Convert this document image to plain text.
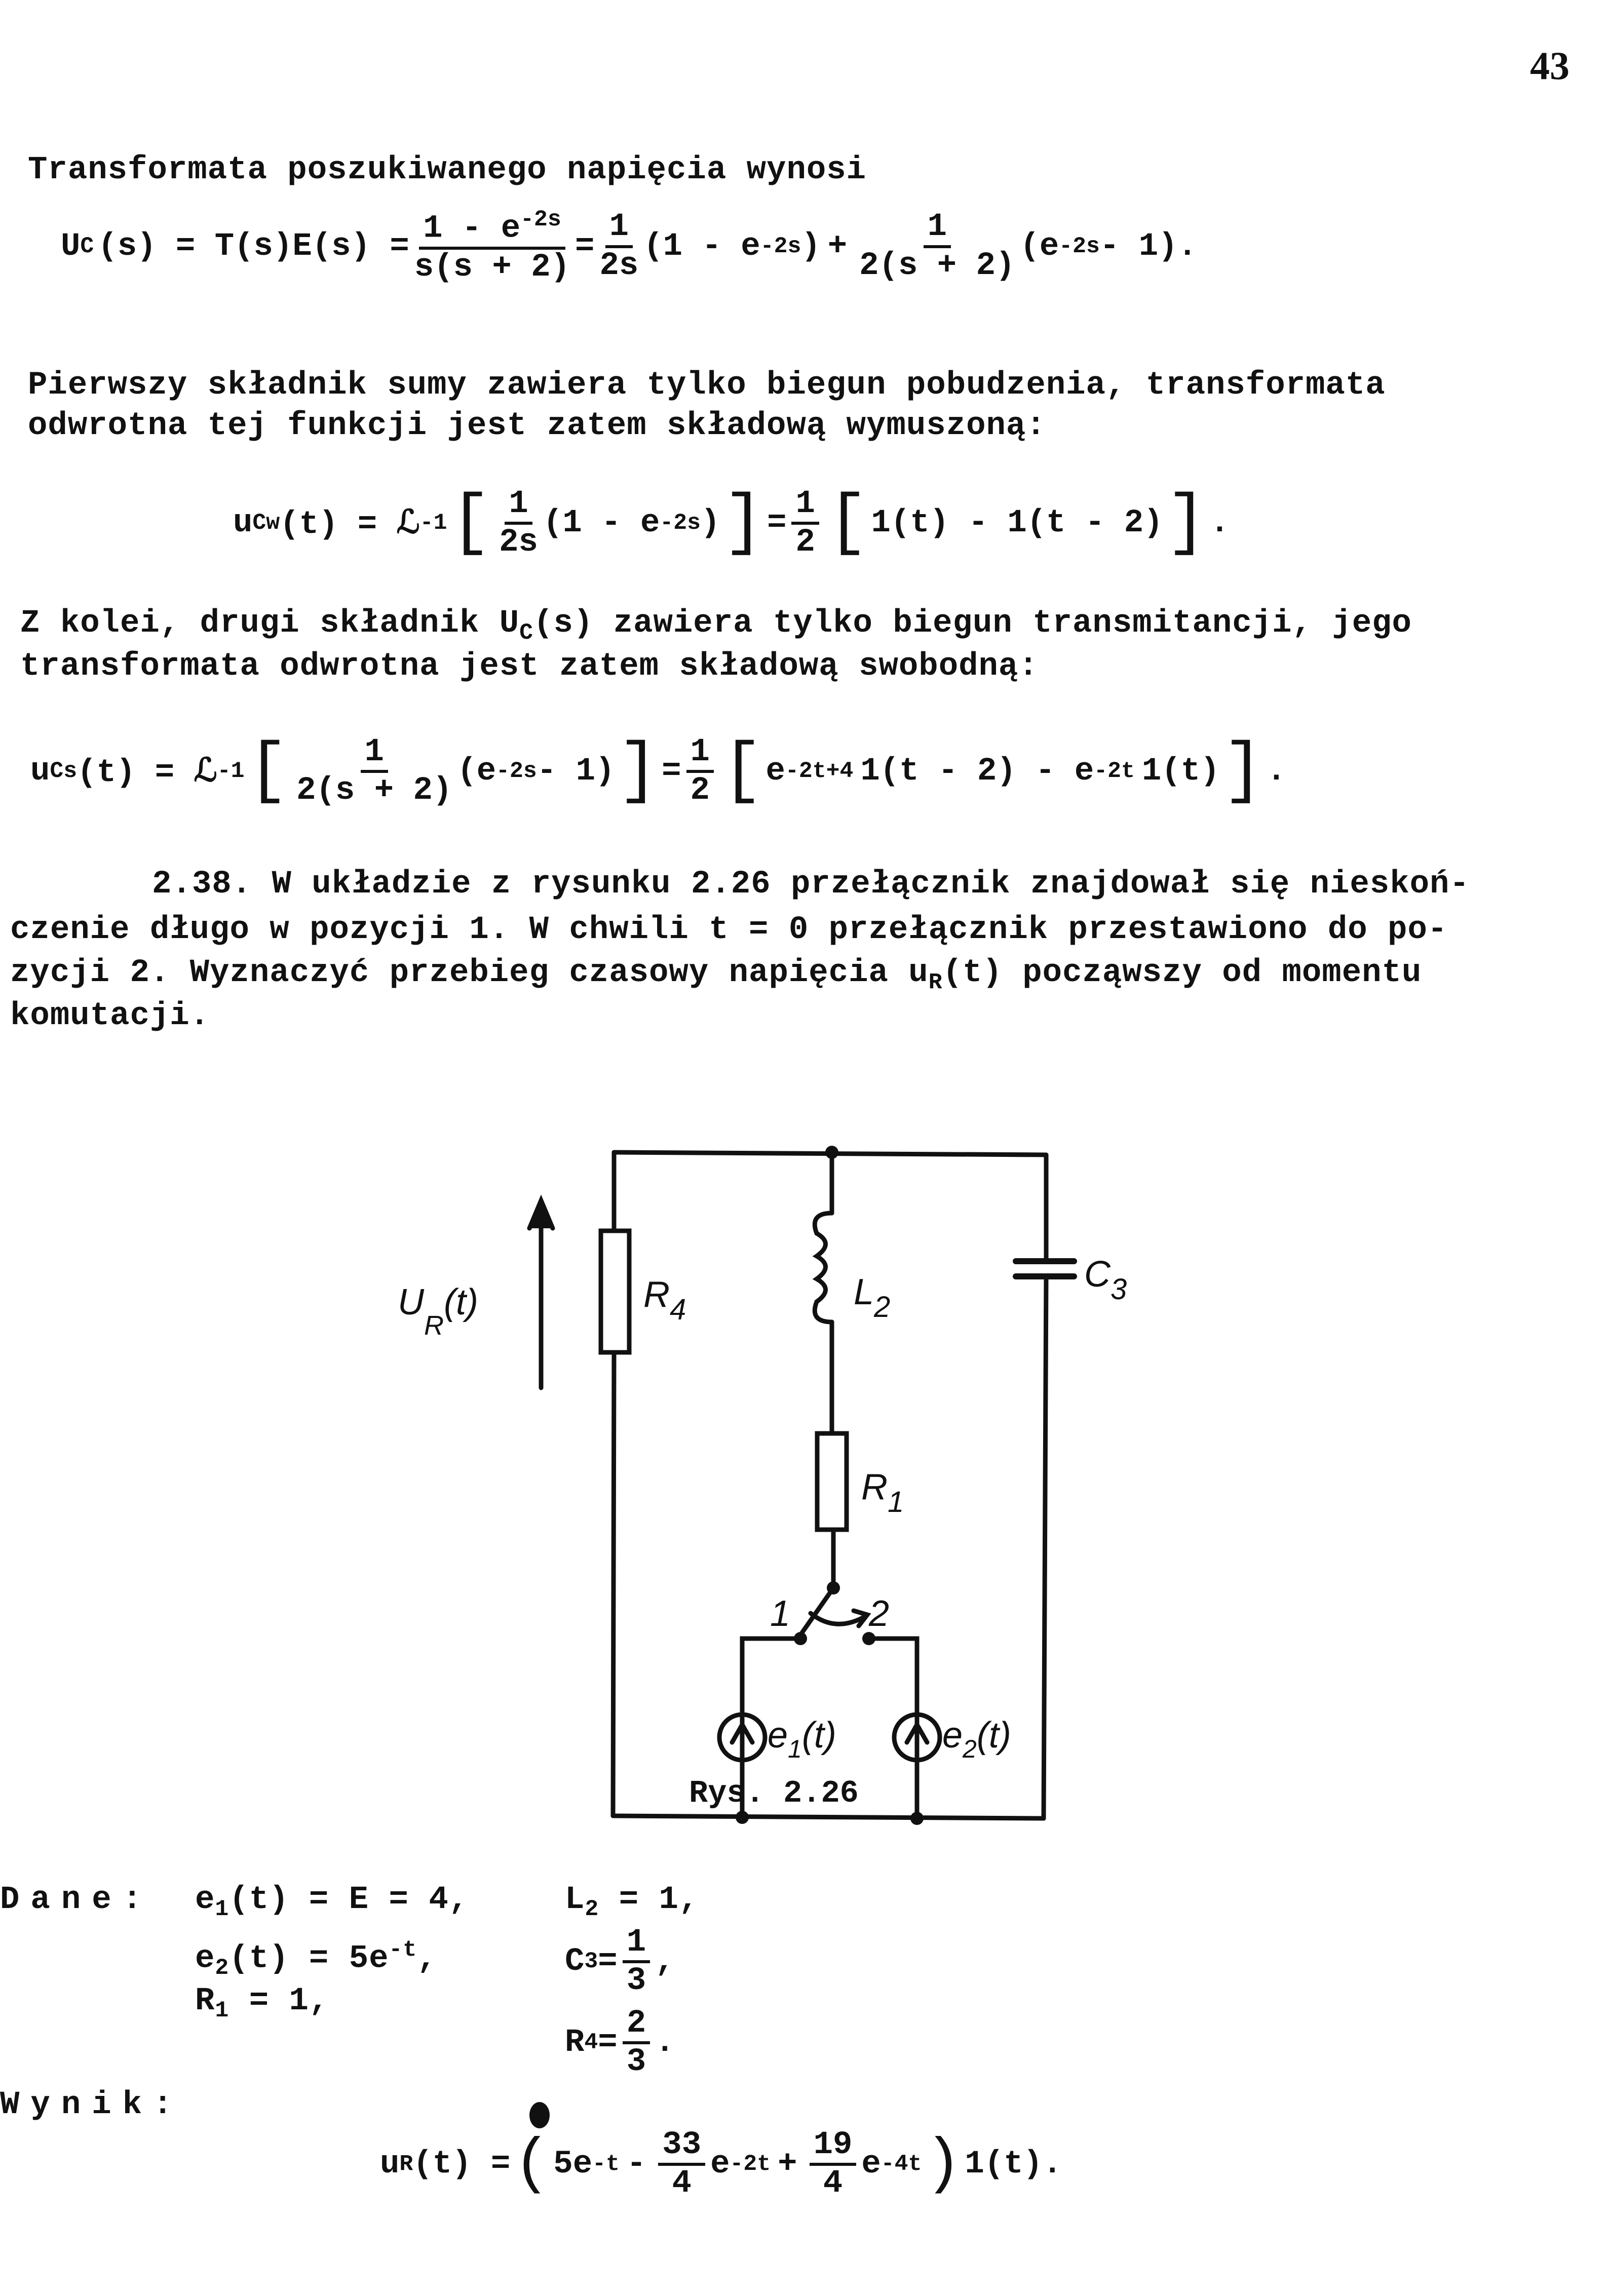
43
Transformata poszukiwanego napięcia wynosi
U C $(s) = T(s)E(s) = \frac{1 - e^{-2s}}{s(s + 2)} = \frac{1}{2s} (1 - e$ -2s ) + $\frac{1}{2(s + 2)} (e$ -2s - 1).
Pierwszy składnik sumy zawiera tylko biegun pobudzenia, transformata
odwrotna tej funkcji jest zatem składową wymuszoną:
u Cw (t) = ℒ -1 [ $\frac{1}{2s} (1$ - e -2s ) ] = $\frac{1}{2}$ [ 1(t) - 1(t - 2) ] .
Z kolei, drugi składnik $U_C(s)$ zawiera tylko biegun transmitancji, jego
transformata odwrotna jest zatem składową swobodną:
u Cs (t) = ℒ -1 [ $\frac{1}{2(s + 2)} (e$ -2s - 1) ] = $\frac{1}{2}$ [ e -2t+4 1(t - 2) - e -2t 1(t) ] .
2.38. W układzie z rysunku 2.26 przełącznik znajdował się nieskoń-
czenie długo w pozycji 1. W chwili t = 0 przełącznik przestawiono do po-
zycji 2. Wyznaczyć przebieg czasowy napięcia $u_R(t)$ począwszy od momentu
komutacji.
$U_R(t)$	$R_4$	$L_2$
$C_3$
$R_1$
1 2
$e_1(t)$	$e_2(t)$
Rys. 2.26
Dane: $e_1(t) = E = 4$,
$e_2(t) = 5e^{-t}$,
$R_1 = 1$,
$L_2 = 1$,
C $3 = \frac{1}{3}$ ,
R $4 = \frac{2}{3}$ .
Wynik:
u R (t) = ( 5e $-t - \frac{33}{4}$ e $-2t + \frac{19}{4}$ e -4t ) 1(t).
